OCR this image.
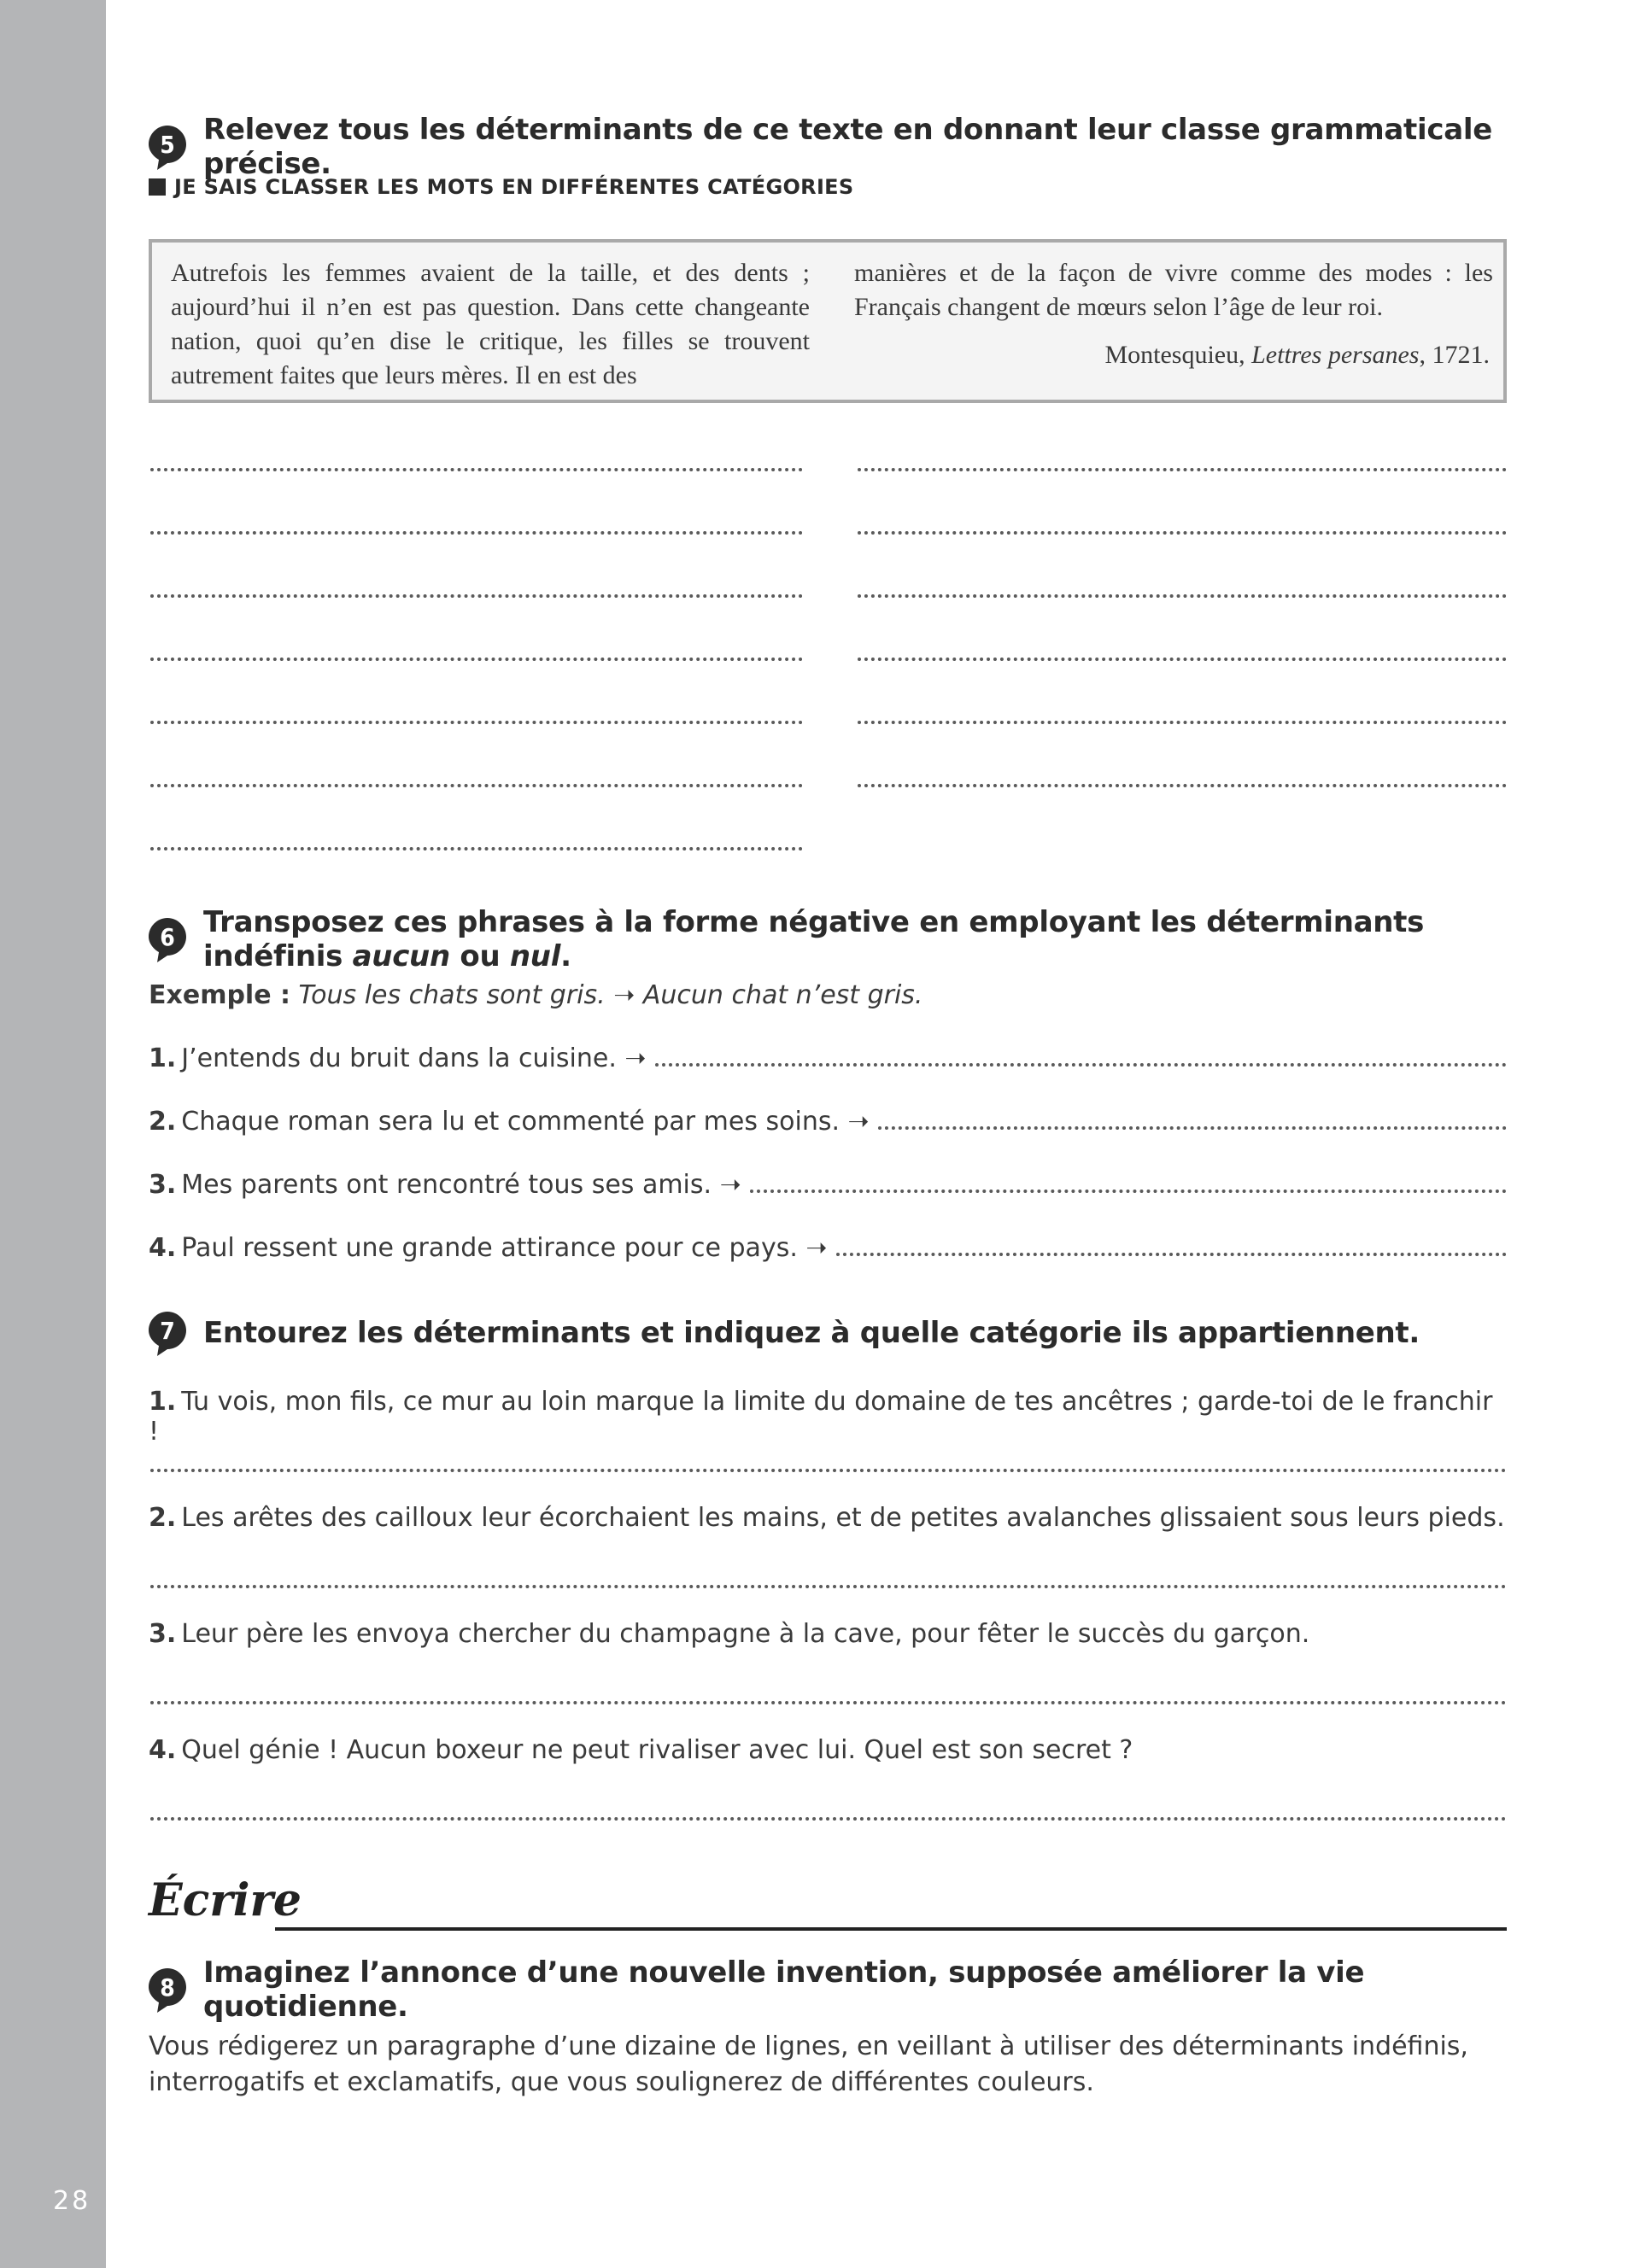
28
5 Relevez tous les déterminants de ce texte en donnant leur classe grammaticale précise.
JE SAIS CLASSER LES MOTS EN DIFFÉRENTES CATÉGORIES
Autrefois les femmes avaient de la taille, et des dents ; aujourd’hui il n’en est pas question. Dans cette changeante nation, quoi qu’en dise le critique, les filles se trouvent autrement faites que leurs mères. Il en est des
manières et de la façon de vivre comme des modes : les Français changent de mœurs selon l’âge de leur roi.
Montesquieu, Lettres persanes, 1721.
6 Transposez ces phrases à la forme négative en employant les déterminants indéfinis aucun ou nul.
Exemple : Tous les chats sont gris. ➝ Aucun chat n’est gris.
1. J’entends du bruit dans la cuisine. ➝
2. Chaque roman sera lu et commenté par mes soins. ➝
3. Mes parents ont rencontré tous ses amis. ➝
4. Paul ressent une grande attirance pour ce pays. ➝
7 Entourez les déterminants et indiquez à quelle catégorie ils appartiennent.
1. Tu vois, mon fils, ce mur au loin marque la limite du domaine de tes ancêtres ; garde-toi de le franchir !
2. Les arêtes des cailloux leur écorchaient les mains, et de petites avalanches glissaient sous leurs pieds.
3. Leur père les envoya chercher du champagne à la cave, pour fêter le succès du garçon.
4. Quel génie ! Aucun boxeur ne peut rivaliser avec lui. Quel est son secret ?
Écrire
8 Imaginez l’annonce d’une nouvelle invention, supposée améliorer la vie quotidienne.
Vous rédigerez un paragraphe d’une dizaine de lignes, en veillant à utiliser des déterminants indéfinis, interrogatifs et exclamatifs, que vous soulignerez de différentes couleurs.
